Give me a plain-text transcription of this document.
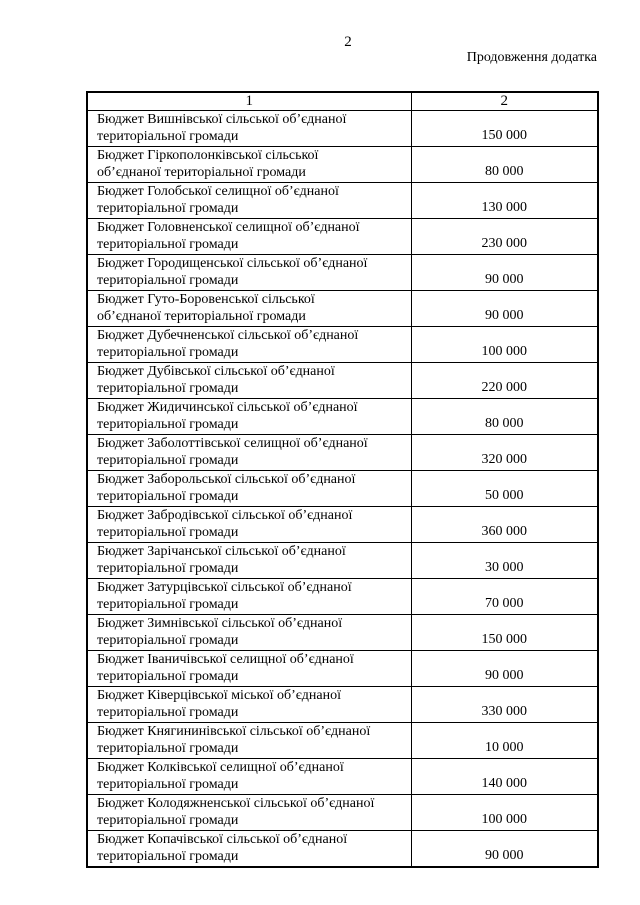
2
Продовження додатка
1	2
Бюджет Вишнівської сільської об’єднаної
територіальної громади	150 000
Бюджет Гіркополонківської сільської
об’єднаної територіальної громади	80 000
Бюджет Голобської селищної об’єднаної
територіальної громади	130 000
Бюджет Головненської селищної об’єднаної
територіальної громади	230 000
Бюджет Городищенської сільської об’єднаної
територіальної громади	90 000
Бюджет Гуто-Боровенської сільської
об’єднаної територіальної громади	90 000
Бюджет Дубечненської сільської об’єднаної
територіальної громади	100 000
Бюджет Дубівської сільської об’єднаної
територіальної громади	220 000
Бюджет Жидичинської сільської об’єднаної
територіальної громади	80 000
Бюджет Заболоттівської селищної об’єднаної
територіальної громади	320 000
Бюджет Заборольської сільської об’єднаної
територіальної громади	50 000
Бюджет Забродівської сільської об’єднаної
територіальної громади	360 000
Бюджет Зарічанської сільської об’єднаної
територіальної громади	30 000
Бюджет Затурцівської сільської об’єднаної
територіальної громади	70 000
Бюджет Зимнівської сільської об’єднаної
територіальної громади	150 000
Бюджет Іваничівської селищної об’єднаної
територіальної громади	90 000
Бюджет Ківерцівської міської об’єднаної
територіальної громади	330 000
Бюджет Княгининівської сільської об’єднаної
територіальної громади	10 000
Бюджет Колківської селищної об’єднаної
територіальної громади	140 000
Бюджет Колодяжненської сільської об’єднаної
територіальної громади	100 000
Бюджет Копачівської сільської об’єднаної
територіальної громади	90 000
